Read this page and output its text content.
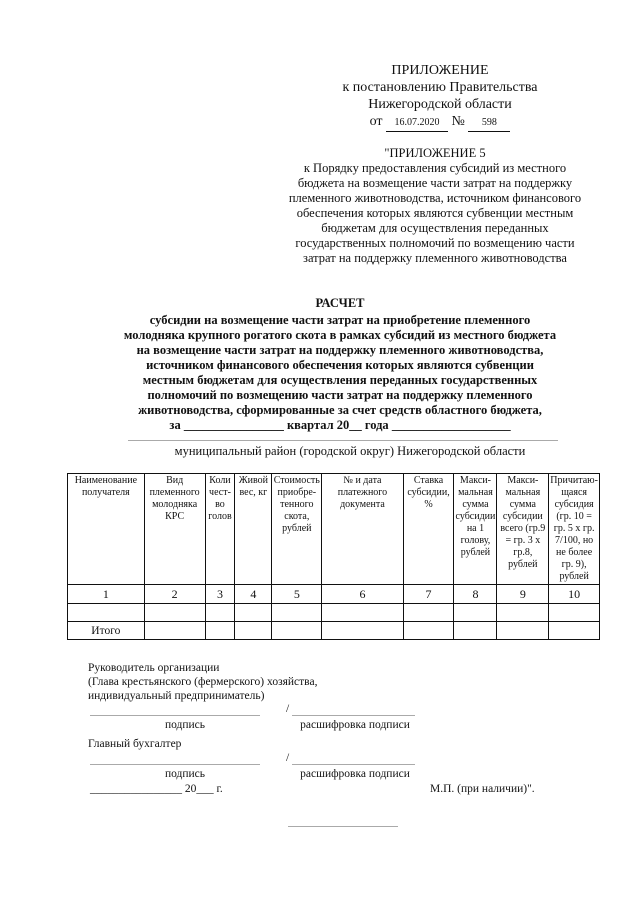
ПРИЛОЖЕНИЕ
к постановлению Правительства
Нижегородской области
от 16.07.2020 № 598
"ПРИЛОЖЕНИЕ 5
к Порядку предоставления субсидий из местного
бюджета на возмещение части затрат на поддержку
племенного животноводства, источником финансового
обеспечения которых являются субвенции местным
бюджетам для осуществления переданных
государственных полномочий по возмещению части
затрат на поддержку племенного животноводства
РАСЧЕТ
субсидии на возмещение части затрат на приобретение племенного
молодняка крупного рогатого скота в рамках субсидий из местного бюджета
на возмещение части затрат на поддержку племенного животноводства,
источником финансового обеспечения которых являются субвенции
местным бюджетам для осуществления переданных государственных
полномочий по возмещению части затрат на поддержку племенного
животноводства, сформированные за счет средств областного бюджета,
за ________________ квартал 20__ года ___________________
муниципальный район (городской округ) Нижегородской области
Наименование получателя	Вид племенного молодняка КРС	Коли чест- во голов	Живой вес, кг	Стоимость приобре- тенного скота, рублей	№ и дата платежного документа	Ставка субсидии, %	Макси- мальная сумма субсидии на 1 голову, рублей	Макси- мальная сумма субсидии всего (гр.9 = гр. 3 х гр.8, рублей	Причитаю- щаяся субсидия (гр. 10 = гр. 5 х гр. 7/100, но не более гр. 9), рублей
1	2	3	4	5	6	7	8	9	10

Итого									
Руководитель организации
(Глава крестьянского (фермерского) хозяйства,
индивидуальный предприниматель)
/
подпись	расшифровка подписи
Главный бухгалтер
/
подпись	расшифровка подписи
________________ 20___ г.	М.П. (при наличии)".
